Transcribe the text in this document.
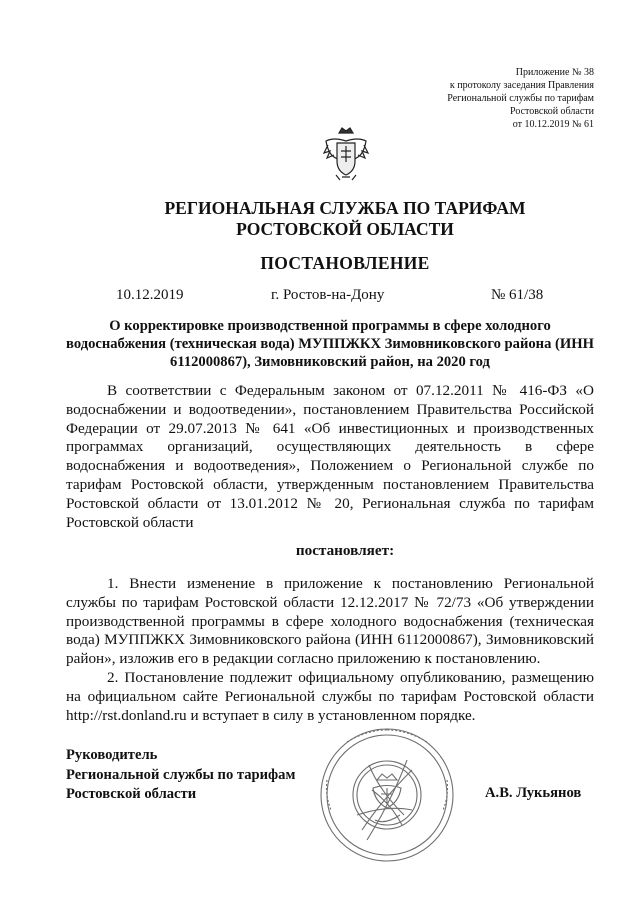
Приложение № 38
к протоколу заседания Правления
Региональной службы по тарифам
Ростовской области
от 10.12.2019 № 61
РЕГИОНАЛЬНАЯ СЛУЖБА ПО ТАРИФАМ
РОСТОВСКОЙ ОБЛАСТИ
ПОСТАНОВЛЕНИЕ
10.12.2019	г. Ростов-на-Дону	№ 61/38
О корректировке производственной программы в сфере холодного водоснабжения (техническая вода) МУППЖКХ Зимовниковского района (ИНН 6112000867), Зимовниковский район, на 2020 год
В соответствии с Федеральным законом от 07.12.2011 № 416-ФЗ «О водоснабжении и водоотведении», постановлением Правительства Российской Федерации от 29.07.2013 № 641 «Об инвестиционных и производственных программах организаций, осуществляющих деятельность в сфере водоснабжения и водоотведения», Положением о Региональной службе по тарифам Ростовской области, утвержденным постановлением Правительства Ростовской области от 13.01.2012 № 20, Региональная служба по тарифам Ростовской области
постановляет:

1. Внести изменение в приложение к постановлению Региональной службы по тарифам Ростовской области 12.12.2017 № 72/73 «Об утверждении производственной программы в сфере холодного водоснабжения (техническая вода) МУППЖКХ Зимовниковского района (ИНН 6112000867), Зимовниковский район», изложив его в редакции согласно приложению к постановлению.

2. Постановление подлежит официальному опубликованию, размещению на официальном сайте Региональной службы по тарифам Ростовской области http://rst.donland.ru и вступает в силу в установленном порядке.

Руководитель
Региональной службы по тарифам
Ростовской области	А.В. Лукьянов
